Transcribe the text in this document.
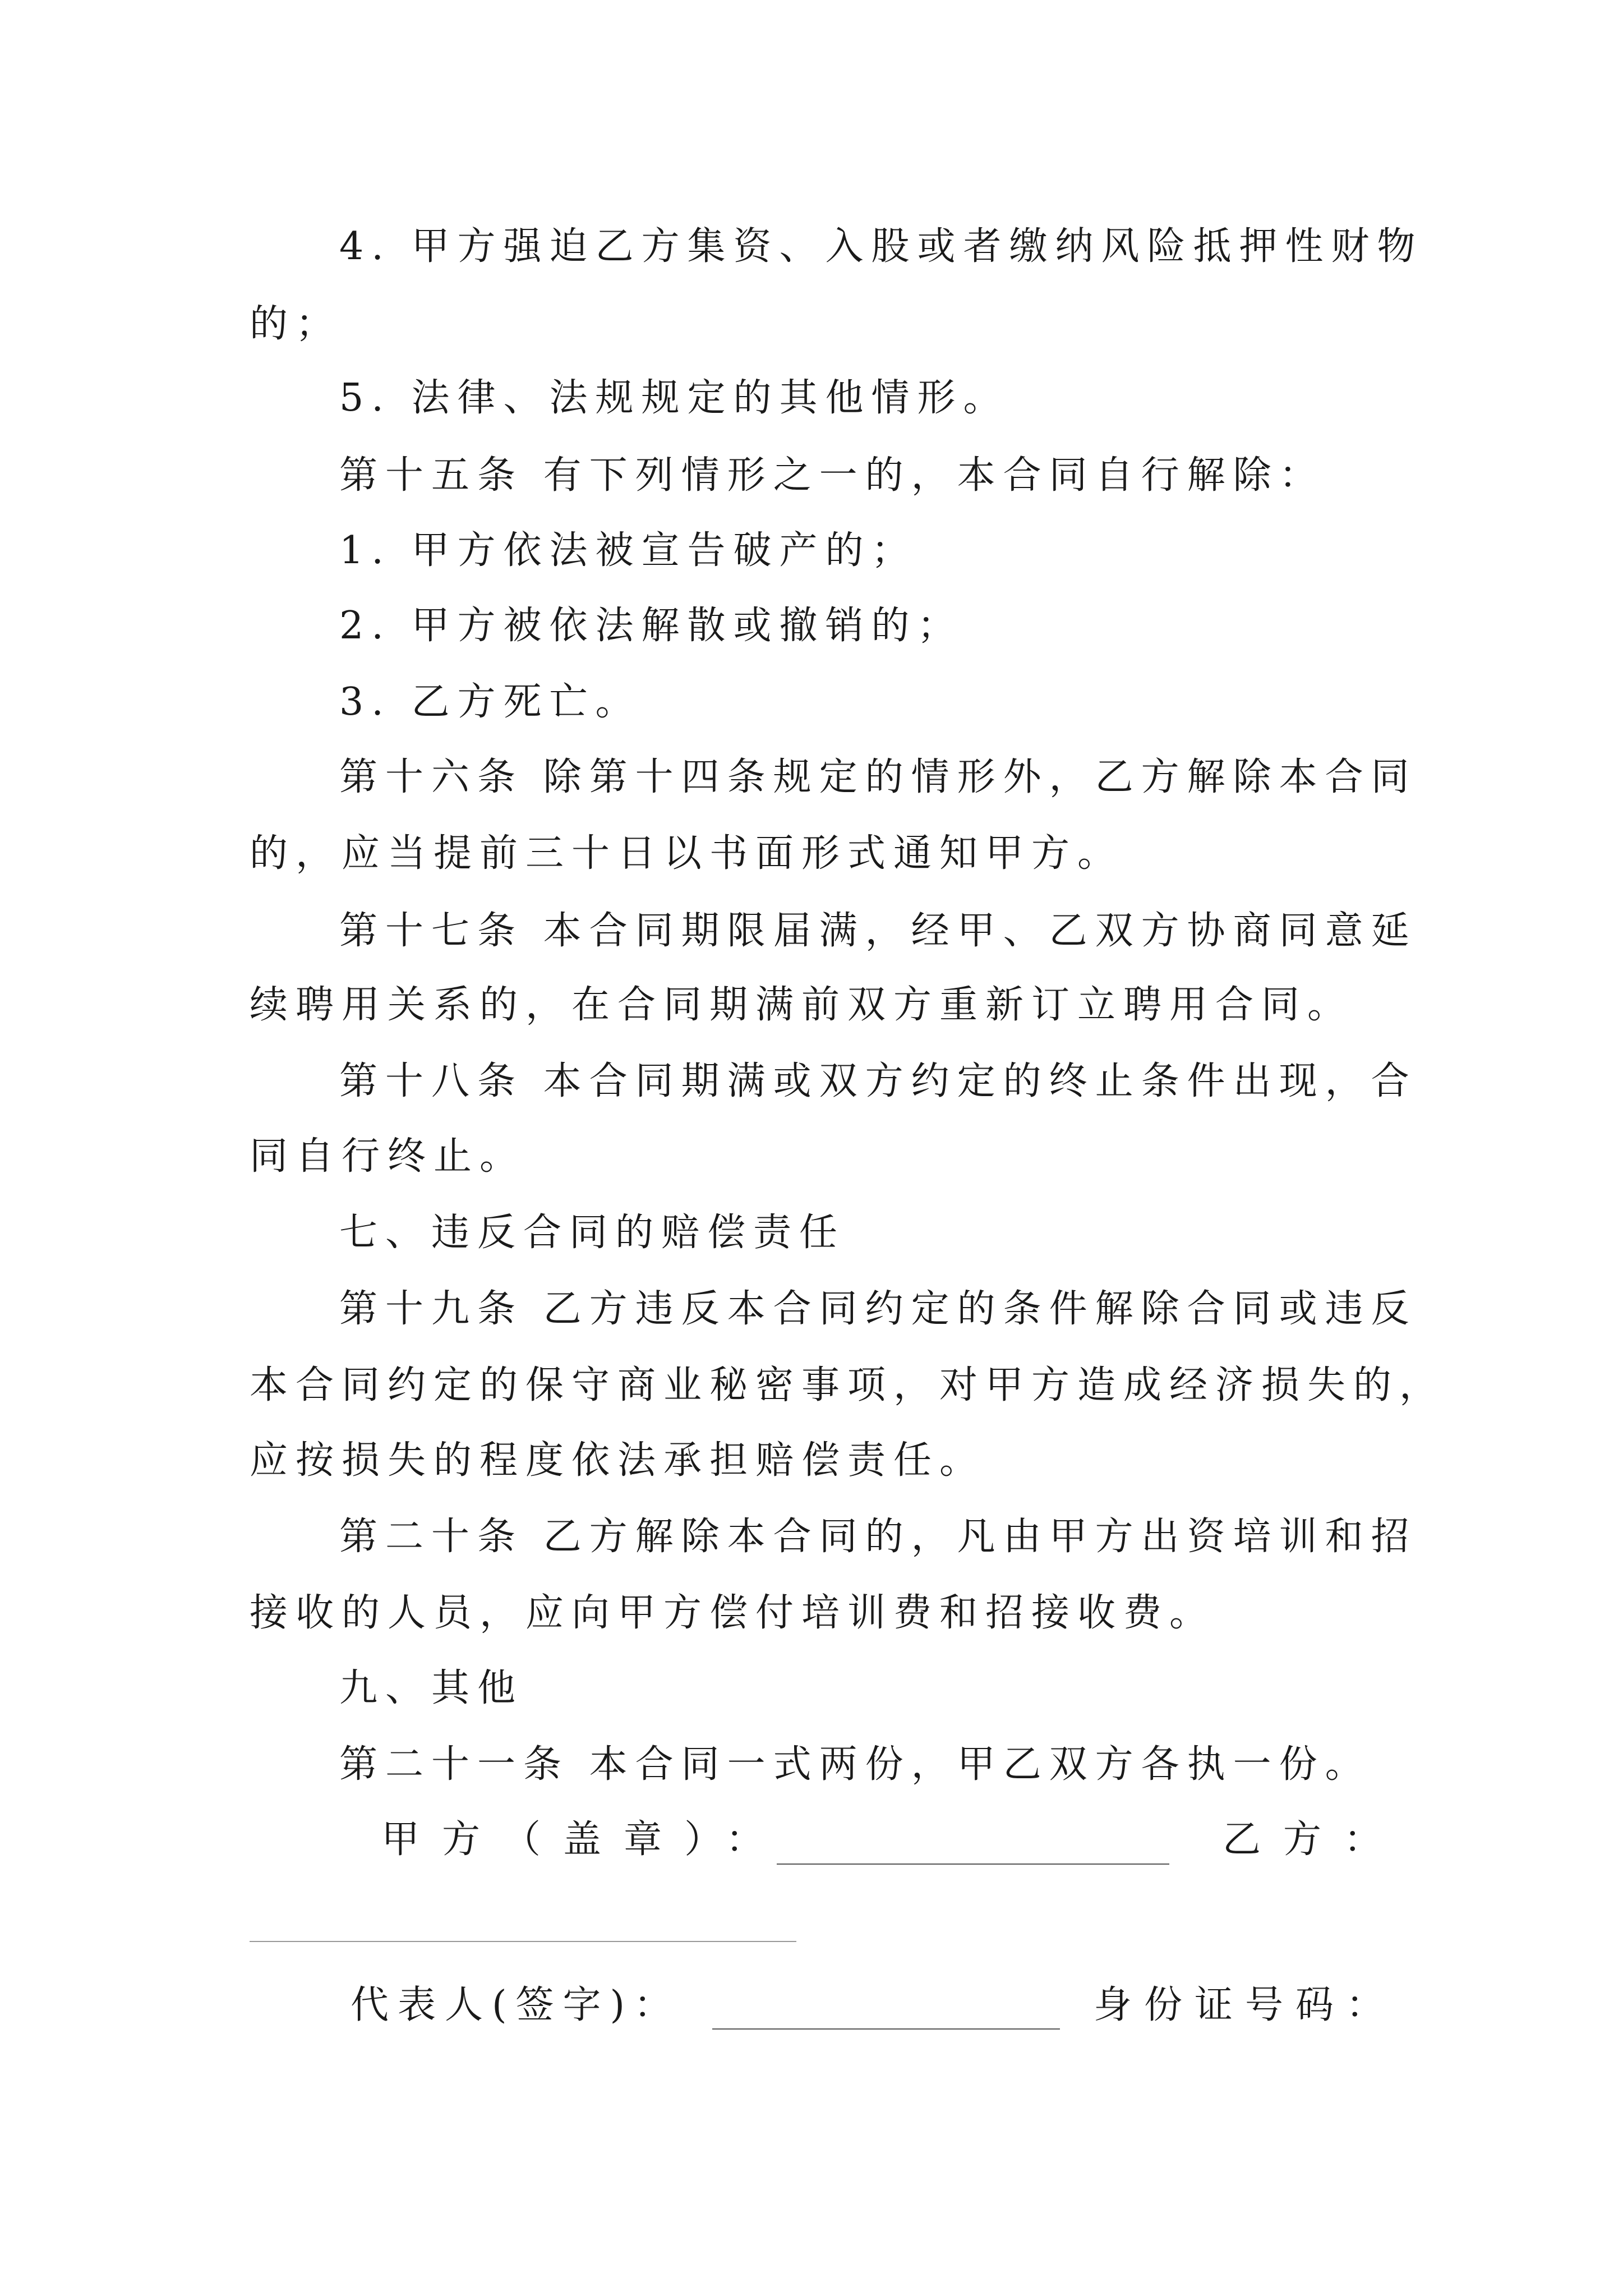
4. 甲方强迫乙方集资、入股或者缴纳风险抵押性财物
的；
5. 法律、法规规定的其他情形。
第十五条 有下列情形之一的，本合同自行解除：
1. 甲方依法被宣告破产的；
2. 甲方被依法解散或撤销的；
3. 乙方死亡。
第十六条 除第十四条规定的情形外，乙方解除本合同
的，应当提前三十日以书面形式通知甲方。
第十七条 本合同期限届满，经甲、乙双方协商同意延
续聘用关系的，在合同期满前双方重新订立聘用合同。
第十八条 本合同期满或双方约定的终止条件出现，合
同自行终止。
七、违反合同的赔偿责任
第十九条 乙方违反本合同约定的条件解除合同或违反
本合同约定的保守商业秘密事项，对甲方造成经济损失的，
应按损失的程度依法承担赔偿责任。
第二十条 乙方解除本合同的，凡由甲方出资培训和招
接收的人员，应向甲方偿付培训费和招接收费。
九、其他
第二十一条 本合同一式两份，甲乙双方各执一份。
甲方（盖章）：	乙方：
代表人(签字)：	身份证号码：
